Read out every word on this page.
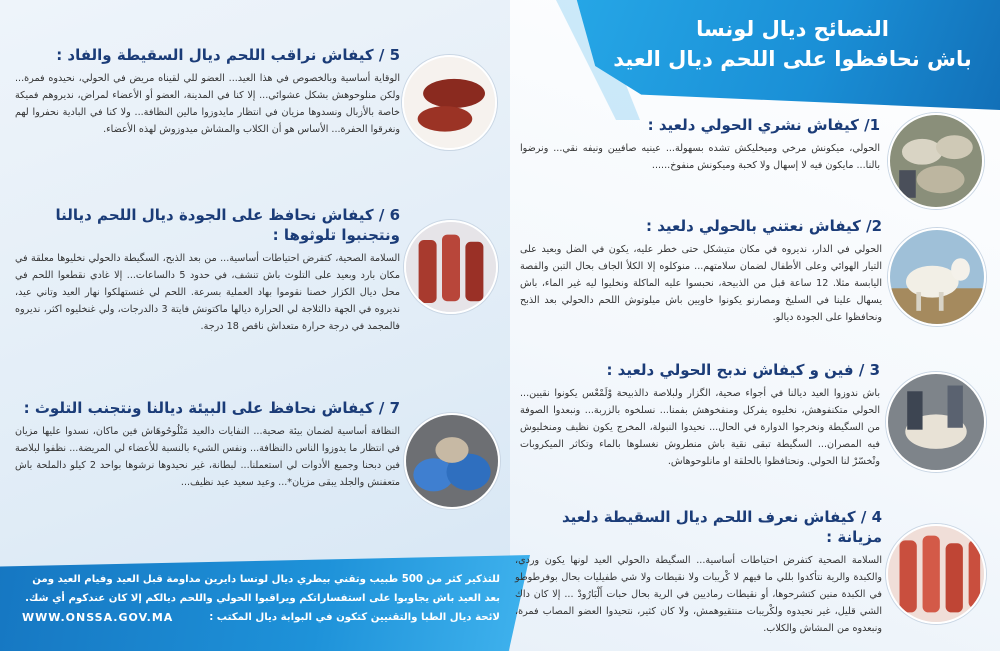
النصائح ديال لونسا
باش نحافظوا على اللحم ديال العيد
1/ كيفاش نشري الحولي دلعيد :
الحولي، ميكونش مرخي وميخليكش تشده بسهولة... عينيه صافيين ونيفه نقي... ونرضوا بالنا... مايكون فيه لا إسهال ولا كحبة وميكونش منفوخ......
2/ كيفاش نعتني بالحولي دلعيد :
الحولي في الدار، نديروه في مكان متيشكل حتى خطر عليه، يكون في الضل وبعيد على التيار الهوائي وعلى الأطفال لضمان سلامتهم... منوكلوه إلا الكلأ الجاف بحال التبن والفصة اليابسة مثلا. 12 ساعة قبل من الذبيحة، نحبسوا عليه الماكلة ونخليوا ليه غير الماء، باش يسهال علينا في السليخ ومصارنو يكونوا خاويين باش ميلوتوش اللحم دالحولي بعد الذبح ونحافظوا على الجودة ديالو.
3 / فين و كيفاش ندبح الحولي دلعيد :
باش ندوزوا العيد ديالنا في أجواء صحية، الگزار ولبلاصة دالذبيحة وْلَمْعْس يكونوا نقيين... الحولي متكنفوهش، نخليوه يفركل ومنفخوهش بفمنا... نسلخوه بالزربة... ونبعدوا الصوفة من السگيطة ونخرجوا الدوارة في الحال... نحيدوا النبولة، المخرج يكون نظيف ومنخليوش فيه المصران... السگيطة تبقى نقية باش منطروش نغسلوها بالماء وتكاثر الميكروبات وتْخسّرْ لنا الحولي. ونحتافظوا بالحلقة او مانلوحوهاش.
4 / كيفاش نعرف اللحم ديال السقيطة دلعيد مزيانة :
السلامة الصحية كتفرض احتياطات أساسية... السگيطة دالحولي العيد لونها يكون وردي، والكبدة والرية نتأكدوا بللي ما فيهم لا كْريبات ولا نقيطات ولا شي طفيليات بحال بوفرطوطو في الكبدة منين كتشرحوها، أو نقيطات رماديين في الرية بحال حبات أَلْبَارُودْ ... إلا كان داك الشي قليل، غير نحيدوه ولكْريبات منتقيوهمش، ولا كان كثير، نتحيدوا العضو المصاب فمرة، ونبعدوه من المشاش والكلاب.
5 / كيفاش نراقب اللحم ديال السقيطة والفاد :
الوقاية أساسية وبالخصوص في هذا العيد... العضو للي لقيناه مريض في الحولي، نحيدوه فمرة... ولكن منلوحوهش بشكل عشوائي... إلا كنا في المدينة، العضو أو الأعضاء لمراض، نديروهم فميكة خاصة بالأزبال ونسدوها مزيان في انتظار مايدوزوا مالين النظافة... ولا كنا في البادية نحفروا لهم ونغرقوا الحفرة... الأساس هو أن الكلاب والمشاش ميدوزوش لهذه الأعضاء.
6 / كيفاش نحافظ على الجودة ديال اللحم ديالنا ونتجنبوا تلوثوها :
السلامة الصحية، كتفرض احتياطات أساسية... من بعد الذبح، السگيطة دالحولي نخليوها معلقة في مكان بارد وبعيد على التلوث باش تنشف، في حدود 5 دالساعات... إلا غادي نقطعوا اللحم في محل ديال الكزار خصنا نقوموا بهاد العملية بسرعة. اللحم لي غنستهلكوا نهار العيد وتاني عيد، نديروه في الجهة دالثلاجة لي الحرارة ديالها ماكتونش فايتة 3 دالدرجات، ولي غنخليوه اكثر، نديروه فالمجمد في درجة حرارة متعداش ناقص 18 درجة.
7 / كيفاش نحافظ على البيئة ديالنا ونتجنب التلوث :
النظافة أساسية لضمان بيئة صحية... النفايات دالعيد مَنْلُوحُوهَاش فين ماكان، نسدوا عليها مزيان في انتظار ما يدوزوا الناس دالنظافة... ونفس الشيء بالنسبة للأعضاء لي المريضة... نظفوا لبلاصة فين دبحنا وجميع الأدوات لي استعملنا... لبطانة، غير نحيدوها نرشوها بواحد 2 كيلو دالملحة باش متعفنش والجلد يبقى مزيان*... وعيد سعيد عيد نظيف...
للتذكير كثر من 500 طبيب وتقني بيطري ديال لونسا دايرين مداومة قبل العيد وفيام العيد ومن
بعد العيد باش يجاوبوا على استفساراتكم ويراقبوا الحولي واللحم ديالكم إلا كان عندكوم أي شك.
لائحة ديال الطبا والتقنيين كتكون في البوابة ديال المكتب :
WWW.ONSSA.GOV.MA
